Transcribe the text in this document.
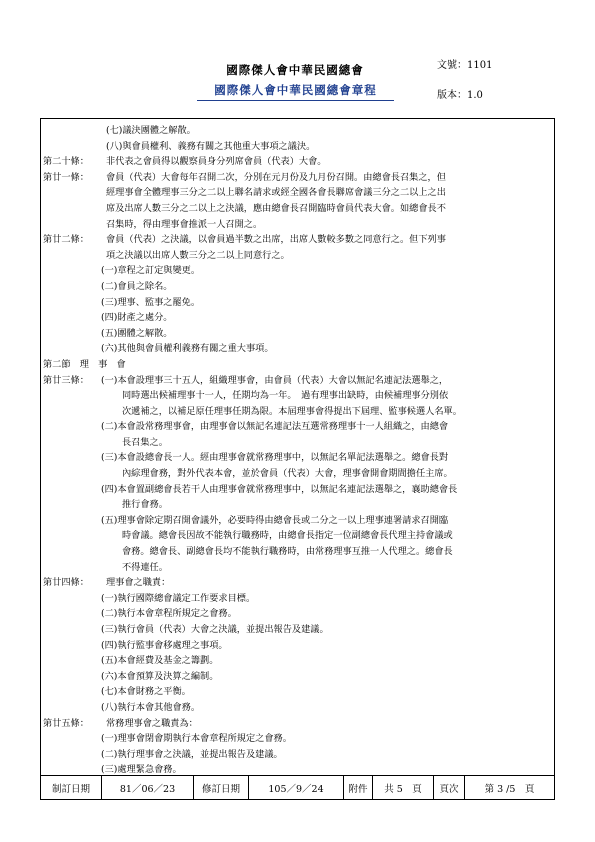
國際傑人會中華民國總會
國際傑人會中華民國總會章程
文號：1101
版本：1.0
(七)議決團體之解散。
(八)與會員權利、義務有關之其他重大事項之議決。
第二十條： 非代表之會員得以觀察員身分列席會員（代表）大會。
第廿一條： 會員（代表）大會每年召開二次，分別在元月份及九月份召開。由總會長召集之，但
經理事會全體理事三分之二以上聯名請求或經全國各會長聯席會議三分之二以上之出
席及出席人數三分之二以上之決議，應由總會長召開臨時會員代表大會。如總會長不
召集時，得由理事會推派一人召開之。
第廿二條： 會員（代表）之決議，以會員過半數之出席，出席人數較多數之同意行之。但下列事
項之決議以出席人數三分之二以上同意行之。
(一)章程之訂定與變更。
(二)會員之除名。
(三)理事、監事之罷免。
(四)財產之處分。
(五)團體之解散。
(六)其他與會員權利義務有關之重大事項。
第二節　理　事　會
第廿三條： (一)本會設理事三十五人，組織理事會，由會員（代表）大會以無記名連記法選舉之，
同時選出候補理事十一人，任期均為一年。　過有理事出缺時，由候補理事分別依
次遞補之，以補足原任理事任期為限。本屆理事會得提出下屆理、監事候選人名單。
(二)本會設常務理事會，由理事會以無記名連記法互選常務理事十一人組織之，由總會
長召集之。
(三)本會設總會長一人。經由理事會就常務理事中，以無記名單記法選舉之。總會長對
內綜理會務，對外代表本會，並於會員（代表）大會，理事會開會期間擔任主席。
(四)本會置副總會長若干人由理事會就常務理事中，以無記名連記法選舉之，襄助總會長
推行會務。
(五)理事會除定期召開會議外，必要時得由總會長或二分之一以上理事連署請求召開臨
時會議。總會長因故不能執行職務時，由總會長指定一位副總會長代理主持會議或
會務。總會長、副總會長均不能執行職務時，由常務理事互推一人代理之。總會長
不得連任。
第廿四條： 理事會之職責：
(一)執行國際總會議定工作要求目標。
(二)執行本會章程所規定之會務。
(三)執行會員（代表）大會之決議，並提出報告及建議。
(四)執行監事會移處理之事項。
(五)本會經費及基金之籌劃。
(六)本會預算及決算之編制。
(七)本會財務之平衡。
(八)執行本會其他會務。
第廿五條： 常務理事會之職責為：
(一)理事會閉會期執行本會章程所規定之會務。
(二)執行理事會之決議，並提出報告及建議。
(三)處理緊急會務。
制訂日期	81／06／23	修訂日期	105／9／24	附件	共 5　頁	頁次	第 3 /5　頁
